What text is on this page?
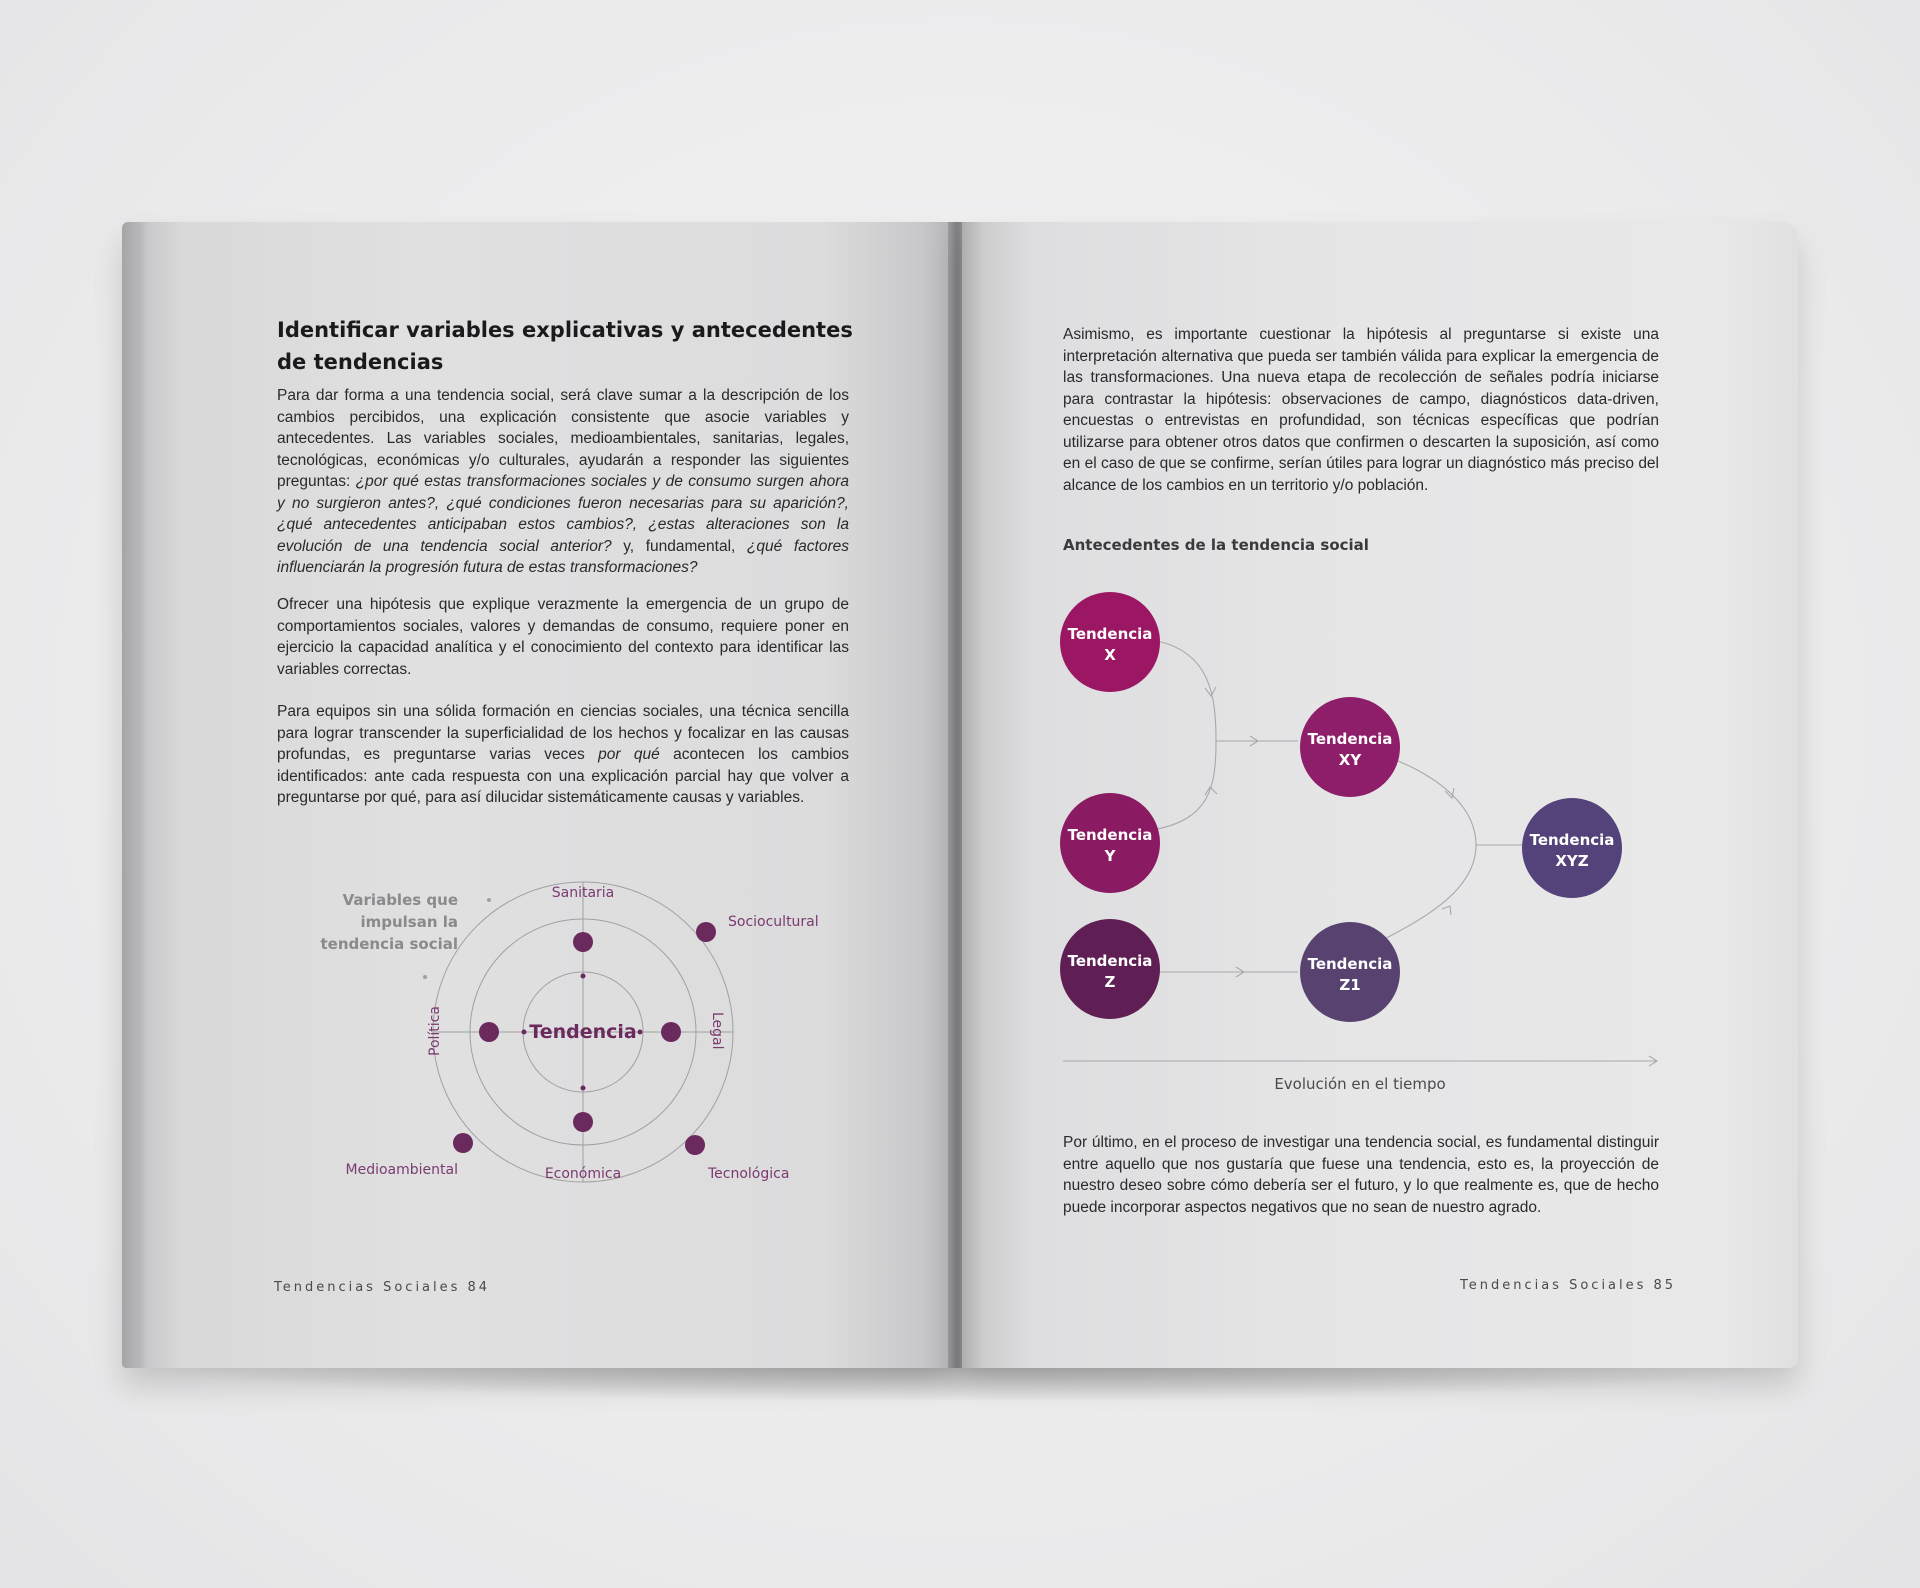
Identificar variables explicativas y antecedentes de tendencias
Para dar forma a una tendencia social, será clave sumar a la descripción de los cambios percibidos, una explicación consistente que asocie variables y antecedentes. Las variables sociales, medioambientales, sanitarias, legales, tecnológicas, económicas y/o culturales, ayudarán a responder las siguientes preguntas: ¿por qué estas transformaciones sociales y de consumo surgen ahora y no surgieron antes?, ¿qué condiciones fueron necesarias para su aparición?, ¿qué antecedentes anticipaban estos cambios?, ¿estas alteraciones son la evolución de una tendencia social anterior? y, fundamental, ¿qué factores influenciarán la progresión futura de estas transformaciones?
Ofrecer una hipótesis que explique verazmente la emergencia de un grupo de comportamientos sociales, valores y demandas de consumo, requiere poner en ejercicio la capacidad analítica y el conocimiento del contexto para identificar las variables correctas.
Para equipos sin una sólida formación en ciencias sociales, una técnica sencilla para lograr transcender la superficialidad de los hechos y focalizar en las causas profundas, es preguntarse varias veces por qué acontecen los cambios identificados: ante cada respuesta con una explicación parcial hay que volver a preguntarse por qué, para así dilucidar sistemáticamente causas y variables.
Tendencia
Variables que
impulsan la
tendencia social
Sanitaria
Sociocultural
Legal
Política
Tecnológica
Económica
Medioambiental
Tendencias Sociales 84
Asimismo, es importante cuestionar la hipótesis al preguntarse si existe una interpretación alternativa que pueda ser también válida para explicar la emergencia de las transformaciones. Una nueva etapa de recolección de señales podría iniciarse para contrastar la hipótesis: observaciones de campo, diagnósticos data-driven, encuestas o entrevistas en profundidad, son técnicas específicas que podrían utilizarse para obtener otros datos que confirmen o descarten la suposición, así como en el caso de que se confirme, serían útiles para lograr un diagnóstico más preciso del alcance de los cambios en un territorio y/o población.
Antecedentes de la tendencia social
Tendencia
X
Tendencia
Y
Tendencia
Z
Tendencia
XY
Tendencia
Z1
Tendencia
XYZ
Evolución en el tiempo
Por último, en el proceso de investigar una tendencia social, es fundamental distinguir entre aquello que nos gustaría que fuese una tendencia, esto es, la proyección de nuestro deseo sobre cómo debería ser el futuro, y lo que realmente es, que de hecho puede incorporar aspectos negativos que no sean de nuestro agrado.
Tendencias Sociales 85
